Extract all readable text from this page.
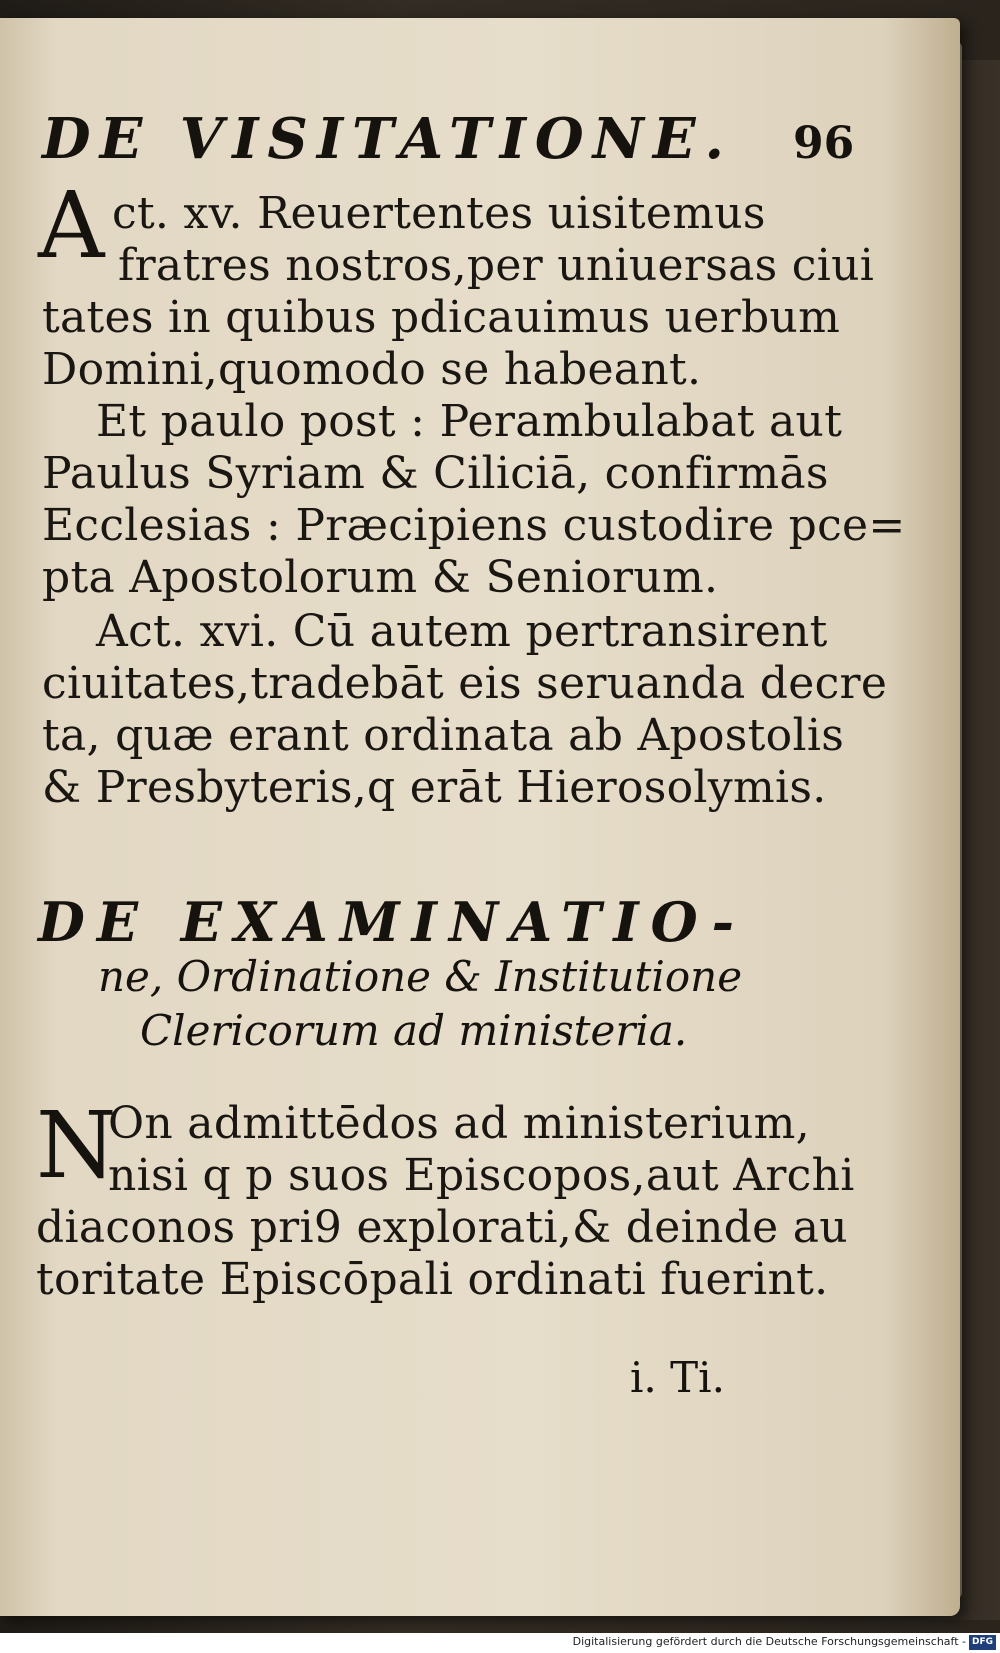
DE VISITATIONE. 96
A ct. xv. Reuertentes uisitemus
fratres nostros,per uniuersas ciui
tates in quibus pdicauimus uerbum
Domini,quomodo se habeant.
Et paulo post : Perambulabat aut
Paulus Syriam & Ciliciā, confirmās
Ecclesias : Præcipiens custodire pce=
pta Apostolorum & Seniorum.
Act. xvi. Cū autem pertransirent
ciuitates,tradebāt eis seruanda decre
ta, quæ erant ordinata ab Apostolis
& Presbyteris,q erāt Hierosolymis.
DE EXAMINATIO-
ne, Ordinatione & Institutione
Clericorum ad ministeria.
N
On admittēdos ad ministerium,
nisi q p suos Episcopos,aut Archi
diaconos pri9 explorati,& deinde au
toritate Episcōpali ordinati fuerint.
i. Ti.
Digitalisierung gefördert durch die Deutsche Forschungsgemeinschaft - DFG
